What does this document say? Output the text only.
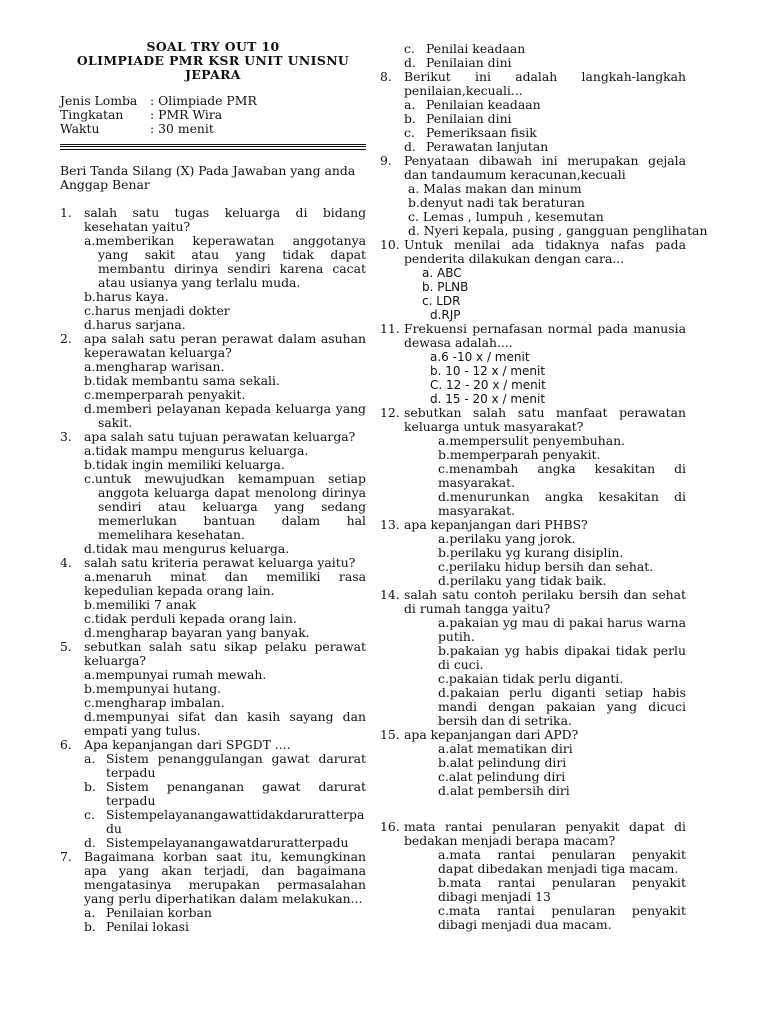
SOAL TRY OUT 10
OLIMPIADE PMR KSR UNIT UNISNU
JEPARA
Jenis Lomba	: Olimpiade PMR
Tingkatan	: PMR Wira
Waktu	: 30 menit
Beri Tanda Silang (X) Pada Jawaban yang anda Anggap Benar
1. salah satu tugas keluarga di bidang kesehatan yaitu?
a.memberikan keperawatan anggotanya yang sakit atau yang tidak dapat membantu dirinya sendiri karena cacat atau usianya yang terlalu muda.
b.harus kaya.
c.harus menjadi dokter
d.harus sarjana.
2. apa salah satu peran perawat dalam asuhan keperawatan keluarga?
a.mengharap warisan.
b.tidak membantu sama sekali.
c.memperparah penyakit.
d.memberi pelayanan kepada keluarga yang sakit.
3. apa salah satu tujuan perawatan keluarga?
a.tidak mampu mengurus keluarga.
b.tidak ingin memiliki keluarga.
c.untuk mewujudkan kemampuan setiap anggota keluarga dapat menolong dirinya sendiri atau keluarga yang sedang memerlukan bantuan dalam hal memelihara kesehatan.
d.tidak mau mengurus keluarga.
4. salah satu kriteria perawat keluarga yaitu?
a.menaruh minat dan memiliki rasa kepedulian kepada orang lain.
b.memiliki 7 anak
c.tidak perduli kepada orang lain.
d.mengharap bayaran yang banyak.
5. sebutkan salah satu sikap pelaku perawat keluarga?
a.mempunyai rumah mewah.
b.mempunyai hutang.
c.mengharap imbalan.
d.mempunyai sifat dan kasih sayang dan empati yang tulus.
6. Apa kepanjangan dari SPGDT ....
a. Sistem penanggulangan gawat darurat terpadu
b. Sistem penanganan gawat darurat terpadu
c. Sistempelayanangawattidakdaruratterpadu
d. Sistempelayanangawatdaruratterpadu
7. Bagaimana korban saat itu, kemungkinan apa yang akan terjadi, dan bagaimana mengatasinya merupakan permasalahan yang perlu diperhatikan dalam melakukan...
a. Penilaian korban
b. Penilai lokasi
c. Penilai keadaan
d. Penilaian dini
8. Berikut ini adalah langkah-langkah penilaian,kecuali...
a. Penilaian keadaan
b. Penilaian dini
c. Pemeriksaan fisik
d. Perawatan lanjutan
9. Penyataan dibawah ini merupakan gejala dan tandaumum keracunan,kecuali
a. Malas makan dan minum
b.denyut nadi tak beraturan
c. Lemas , lumpuh , kesemutan
d. Nyeri kepala, pusing , gangguan penglihatan
10. Untuk menilai ada tidaknya nafas pada penderita dilakukan dengan cara...
a. ABC
b. PLNB
c. LDR
d.RJP
11. Frekuensi pernafasan normal pada manusia dewasa adalah....
a.6 -10 x / menit
b. 10 - 12 x / menit
C. 12 - 20 x / menit
d. 15 - 20 x / menit
12. sebutkan salah satu manfaat perawatan keluarga untuk masyarakat?
a.mempersulit penyembuhan.
b.memperparah penyakit.
c.menambah angka kesakitan di masyarakat.
d.menurunkan angka kesakitan di masyarakat.
13. apa kepanjangan dari PHBS?
a.perilaku yang jorok.
b.perilaku yg kurang disiplin.
c.perilaku hidup bersih dan sehat.
d.perilaku yang tidak baik.
14. salah satu contoh perilaku bersih dan sehat di rumah tangga yaitu?
a.pakaian yg mau di pakai harus warna putih.
b.pakaian yg habis dipakai tidak perlu di cuci.
c.pakaian tidak perlu diganti.
d.pakaian perlu diganti setiap habis mandi dengan pakaian yang dicuci bersih dan di setrika.
15. apa kepanjangan dari APD?
a.alat mematikan diri
b.alat pelindung diri
c.alat pelindung diri
d.alat pembersih diri
16. mata rantai penularan penyakit dapat di bedakan menjadi berapa macam?
a.mata rantai penularan penyakit dapat dibedakan menjadi tiga macam.
b.mata rantai penularan penyakit dibagi menjadi 13
c.mata rantai penularan penyakit dibagi menjadi dua macam.
